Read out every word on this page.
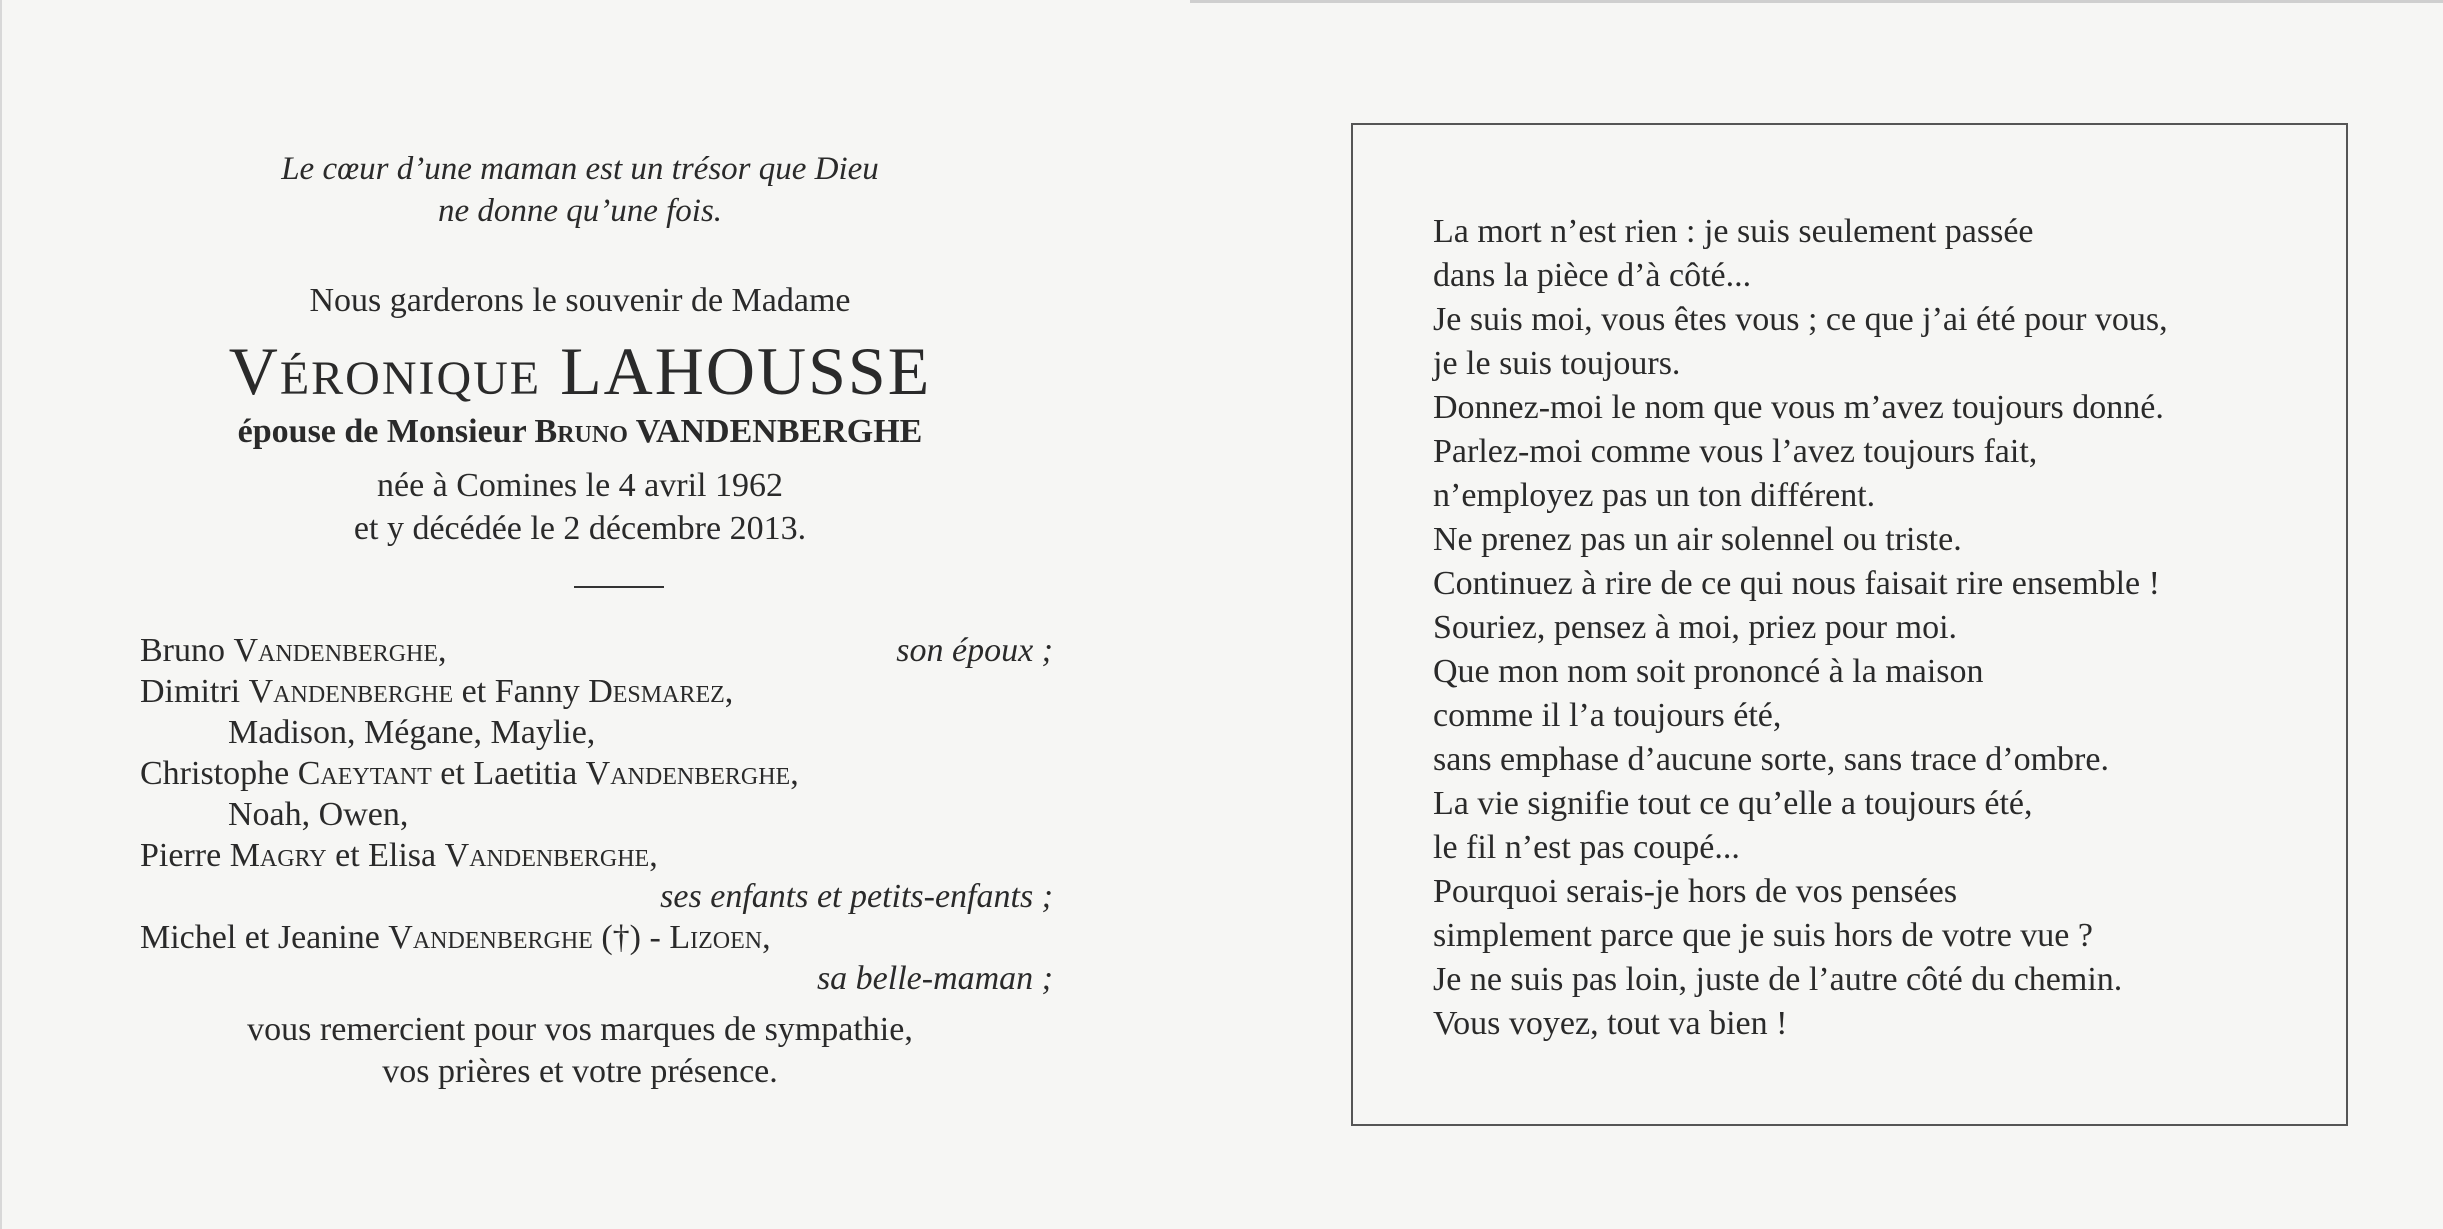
Le cœur d’une maman est un trésor que Dieu
ne donne qu’une fois.
Nous garderons le souvenir de Madame
Véronique LAHOUSSE
épouse de Monsieur Bruno VANDENBERGHE
née à Comines le 4 avril 1962
et y décédée le 2 décembre 2013.
Bruno Vandenberghe,	son époux ;
Dimitri Vandenberghe et Fanny Desmarez,
Madison, Mégane, Maylie,
Christophe Caeytant et Laetitia Vandenberghe,
Noah, Owen,
Pierre Magry et Elisa Vandenberghe,
ses enfants et petits-enfants ;
Michel et Jeanine Vandenberghe (†) - Lizoen,
sa belle-maman ;
vous remercient pour vos marques de sympathie,
vos prières et votre présence.
La mort n’est rien : je suis seulement passée
dans la pièce d’à côté...
Je suis moi, vous êtes vous ; ce que j’ai été pour vous,
je le suis toujours.
Donnez-moi le nom que vous m’avez toujours donné.
Parlez-moi comme vous l’avez toujours fait,
n’employez pas un ton différent.
Ne prenez pas un air solennel ou triste.
Continuez à rire de ce qui nous faisait rire ensemble !
Souriez, pensez à moi, priez pour moi.
Que mon nom soit prononcé à la maison
comme il l’a toujours été,
sans emphase d’aucune sorte, sans trace d’ombre.
La vie signifie tout ce qu’elle a toujours été,
le fil n’est pas coupé...
Pourquoi serais-je hors de vos pensées
simplement parce que je suis hors de votre vue ?
Je ne suis pas loin, juste de l’autre côté du chemin.
Vous voyez, tout va bien !
